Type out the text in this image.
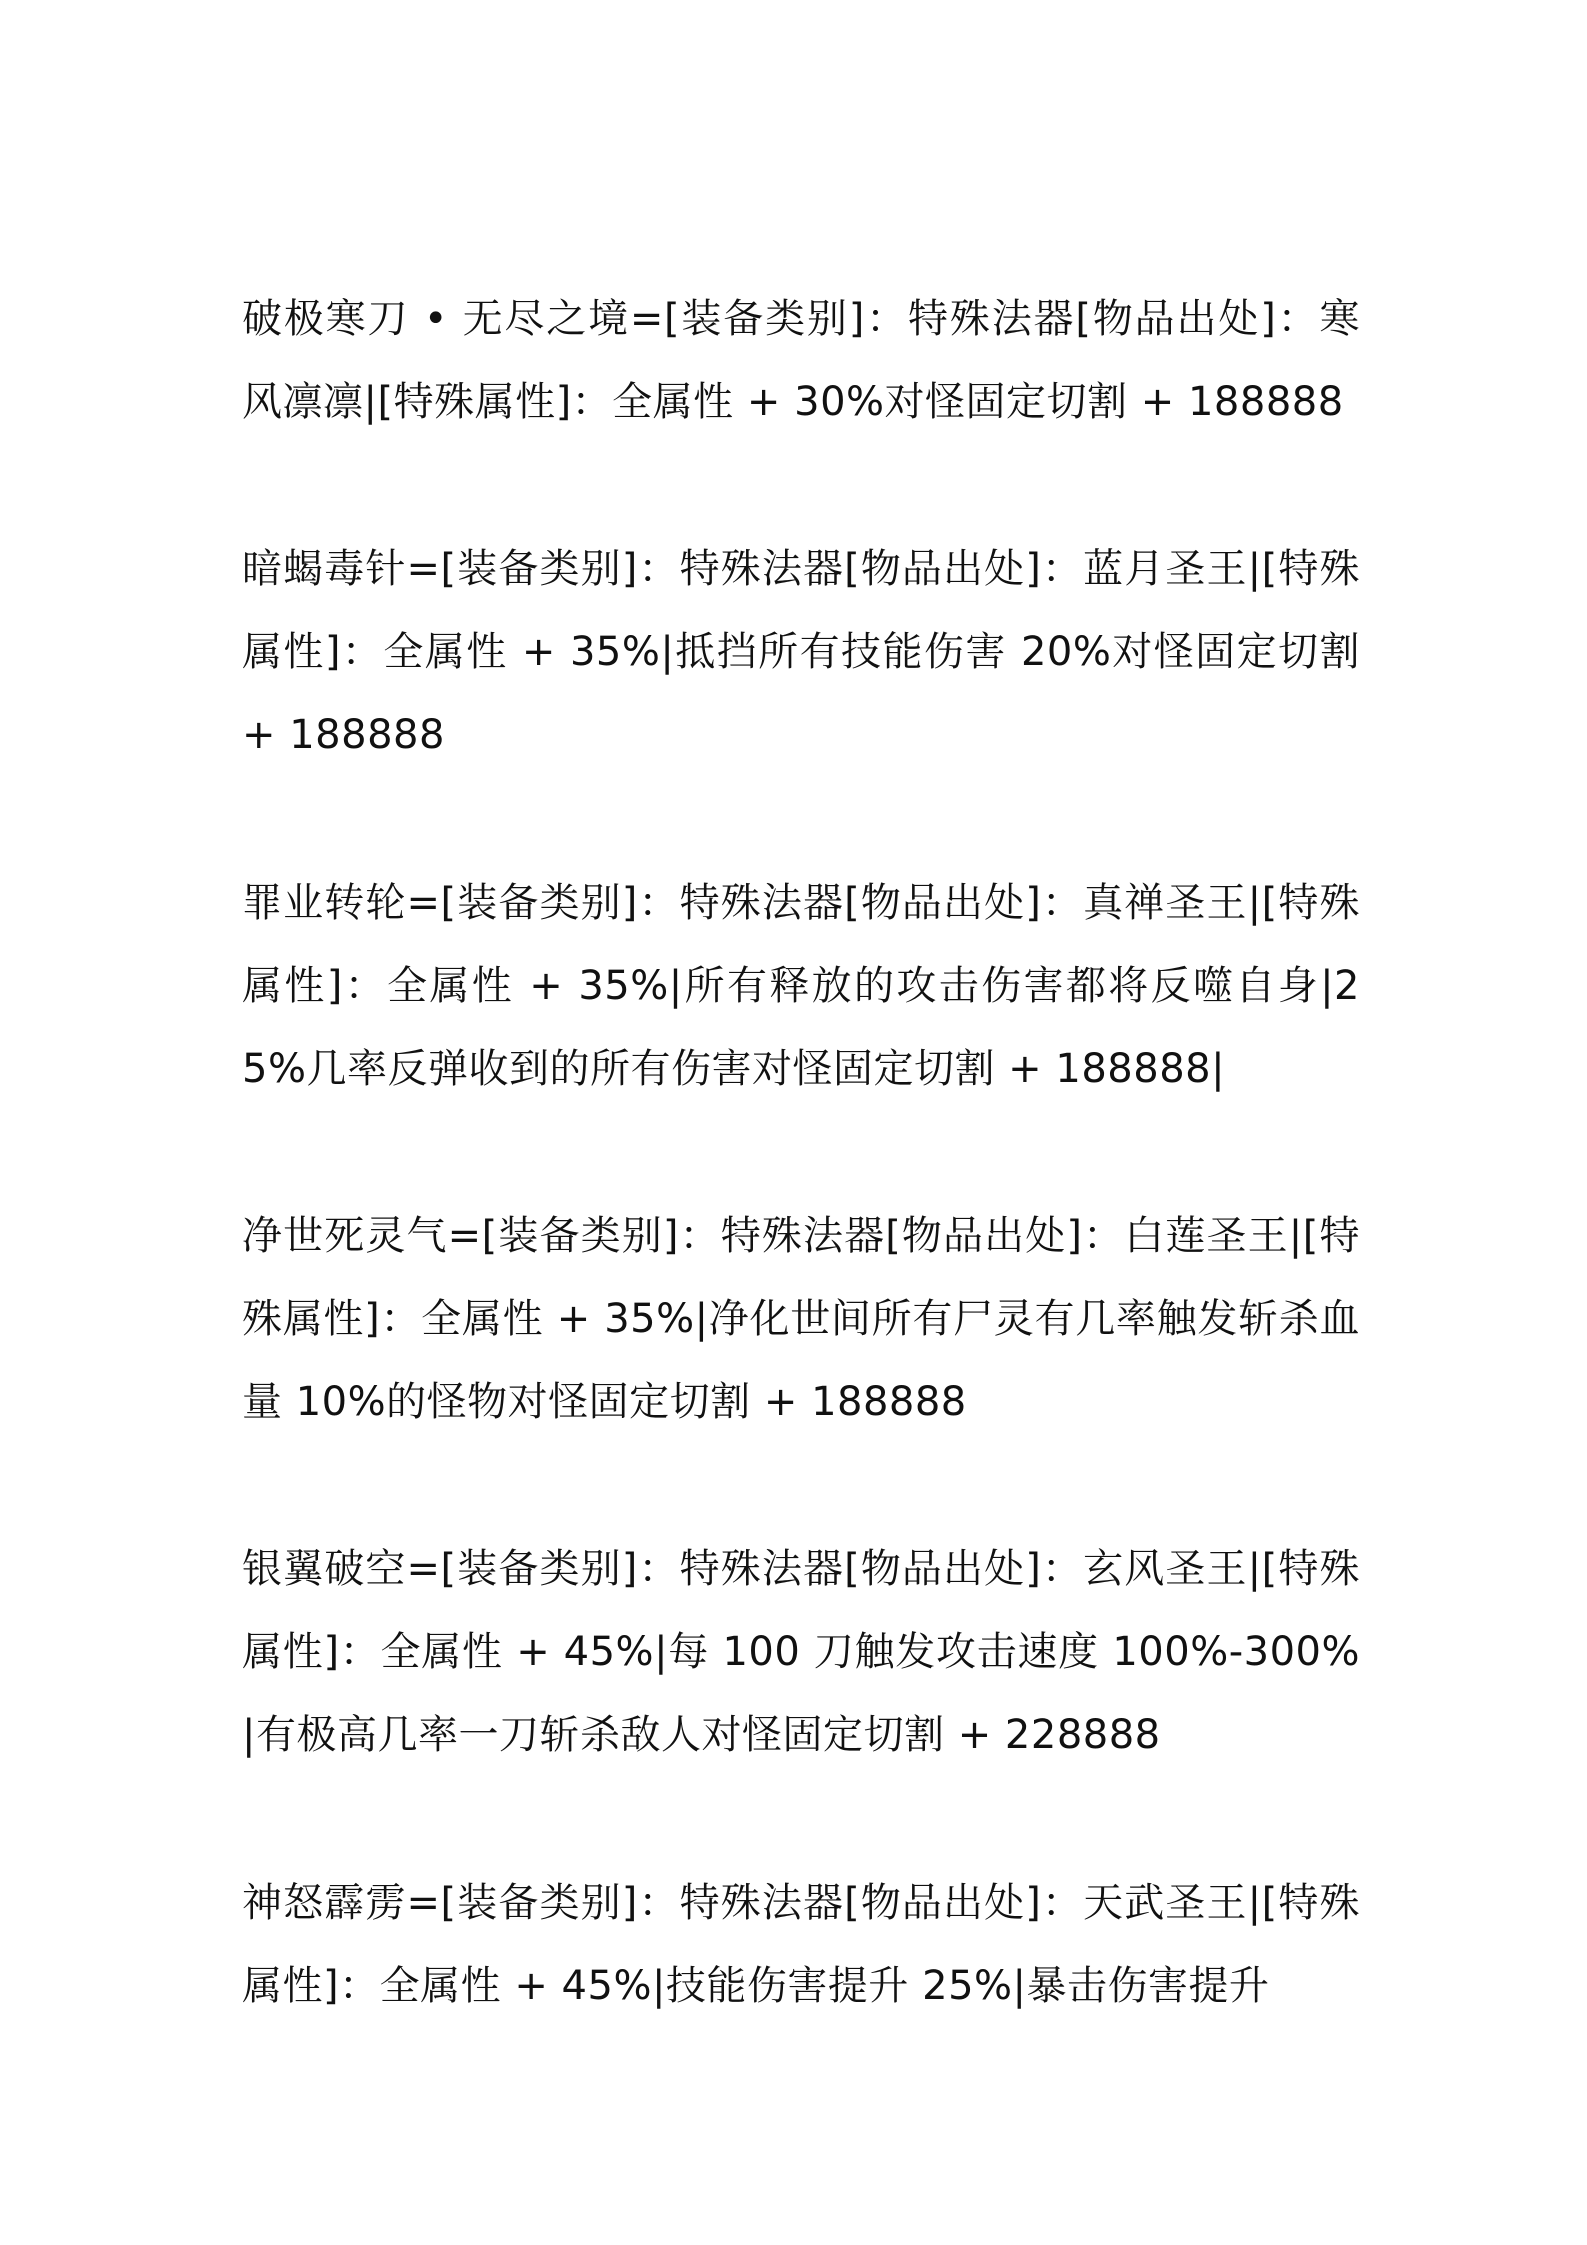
破极寒刀 • 无尽之境=[装备类别]：特殊法器[物品出处]：寒风凛凛|[特殊属性]：全属性 + 30%对怪固定切割 + 188888

暗蝎毒针=[装备类别]：特殊法器[物品出处]：蓝月圣王|[特殊属性]：全属性 + 35%|抵挡所有技能伤害 20%对怪固定切割 + 188888

罪业转轮=[装备类别]：特殊法器[物品出处]：真禅圣王|[特殊属性]：全属性 + 35%|所有释放的攻击伤害都将反噬自身|25%几率反弹收到的所有伤害对怪固定切割 + 188888|

净世死灵气=[装备类别]：特殊法器[物品出处]：白莲圣王|[特殊属性]：全属性 + 35%|净化世间所有尸灵有几率触发斩杀血量 10%的怪物对怪固定切割 + 188888

银翼破空=[装备类别]：特殊法器[物品出处]：玄风圣王|[特殊属性]：全属性 + 45%|每 100 刀触发攻击速度 100%-300%|有极高几率一刀斩杀敌人对怪固定切割 + 228888

神怒霹雳=[装备类别]：特殊法器[物品出处]：天武圣王|[特殊属性]：全属性 + 45%|技能伤害提升 25%|暴击伤害提升
